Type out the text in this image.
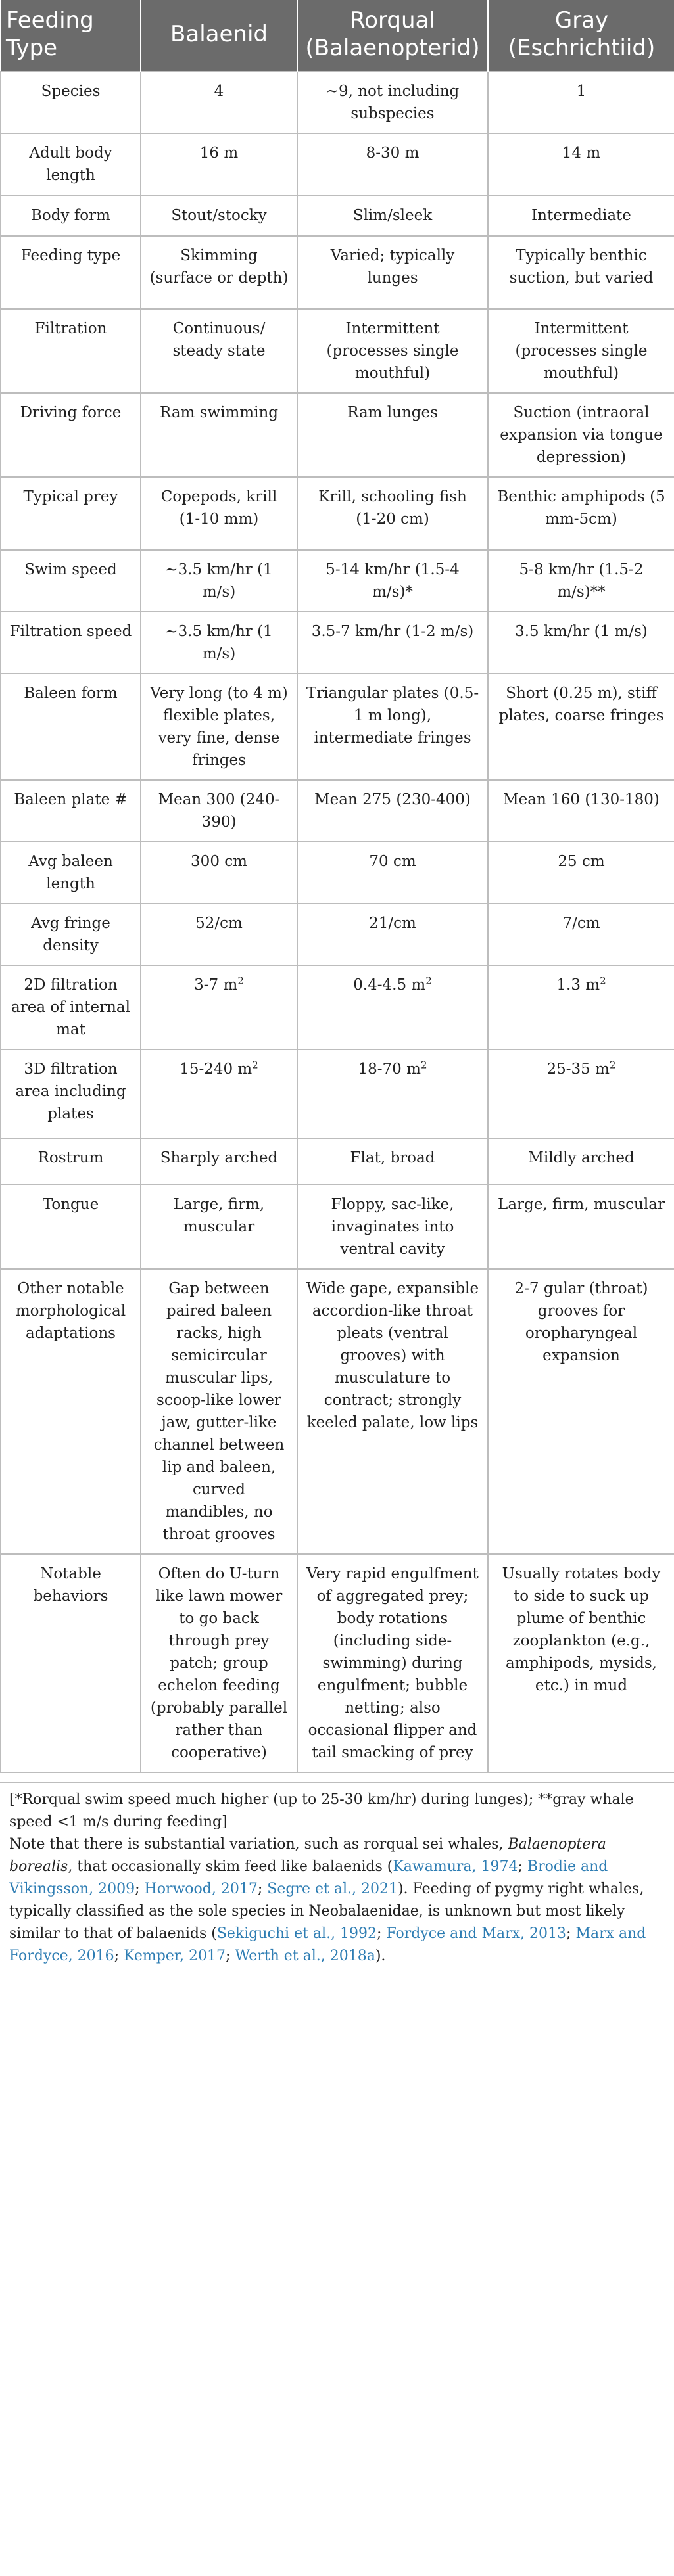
Feeding Type	Balaenid	Rorqual (Balaenopterid)	Gray (Eschrichtiid)
Species	4	~9, not including subspecies	1
Adult body length	16 m	8-30 m	14 m
Body form	Stout/stocky	Slim/sleek	Intermediate
Feeding type	Skimming (surface or depth)	Varied; typically lunges	Typically benthic suction, but varied
Filtration	Continuous/ steady state	Intermittent (processes single mouthful)	Intermittent (processes single mouthful)
Driving force	Ram swimming	Ram lunges	Suction (intraoral expansion via tongue depression)
Typical prey	Copepods, krill (1-10 mm)	Krill, schooling fish (1-20 cm)	Benthic amphipods (5 mm-5cm)
Swim speed	~3.5 km/hr (1 m/s)	5-14 km/hr (1.5-4 m/s)*	5-8 km/hr (1.5-2 m/s)**
Filtration speed	~3.5 km/hr (1 m/s)	3.5-7 km/hr (1-2 m/s)	3.5 km/hr (1 m/s)
Baleen form	Very long (to 4 m) flexible plates, very fine, dense fringes	Triangular plates (0.5-1 m long), intermediate fringes	Short (0.25 m), stiff plates, coarse fringes
Baleen plate #	Mean 300 (240-390)	Mean 275 (230-400)	Mean 160 (130-180)
Avg baleen length	300 cm	70 cm	25 cm
Avg fringe density	52/cm	21/cm	7/cm
2D filtration area of internal mat	3-7 $m^2$	0.4-4.5 $m^2$	1.3 $m^2$
3D filtration area including plates	15-240 $m^2$	18-70 $m^2$	25-35 $m^2$
Rostrum	Sharply arched	Flat, broad	Mildly arched
Tongue	Large, firm, muscular	Floppy, sac-like, invaginates into ventral cavity	Large, firm, muscular
Other notable morphological adaptations	Gap between paired baleen racks, high semicircular muscular lips, scoop-like lower jaw, gutter-like channel between lip and baleen, curved mandibles, no throat grooves	Wide gape, expansible accordion-like throat pleats (ventral grooves) with musculature to contract; strongly keeled palate, low lips	2-7 gular (throat) grooves for oropharyngeal expansion
Notable behaviors	Often do U-turn like lawn mower to go back through prey patch; group echelon feeding (probably parallel rather than cooperative)	Very rapid engulfment of aggregated prey; body rotations (including side-swimming) during engulfment; bubble netting; also occasional flipper and tail smacking of prey	Usually rotates body to side to suck up plume of benthic zooplankton (e.g., amphipods, mysids, etc.) in mud

[*Rorqual swim speed much higher (up to 25-30 km/hr) during lunges); **gray whale speed <1 m/s during feeding]

Note that there is substantial variation, such as rorqual sei whales, Balaenoptera borealis, that occasionally skim feed like balaenids (Kawamura, 1974; Brodie and Vikingsson, 2009; Horwood, 2017; Segre et al., 2021). Feeding of pygmy right whales, typically classified as the sole species in Neobalaenidae, is unknown but most likely similar to that of balaenids (Sekiguchi et al., 1992; Fordyce and Marx, 2013; Marx and Fordyce, 2016; Kemper, 2017; Werth et al., 2018a).
